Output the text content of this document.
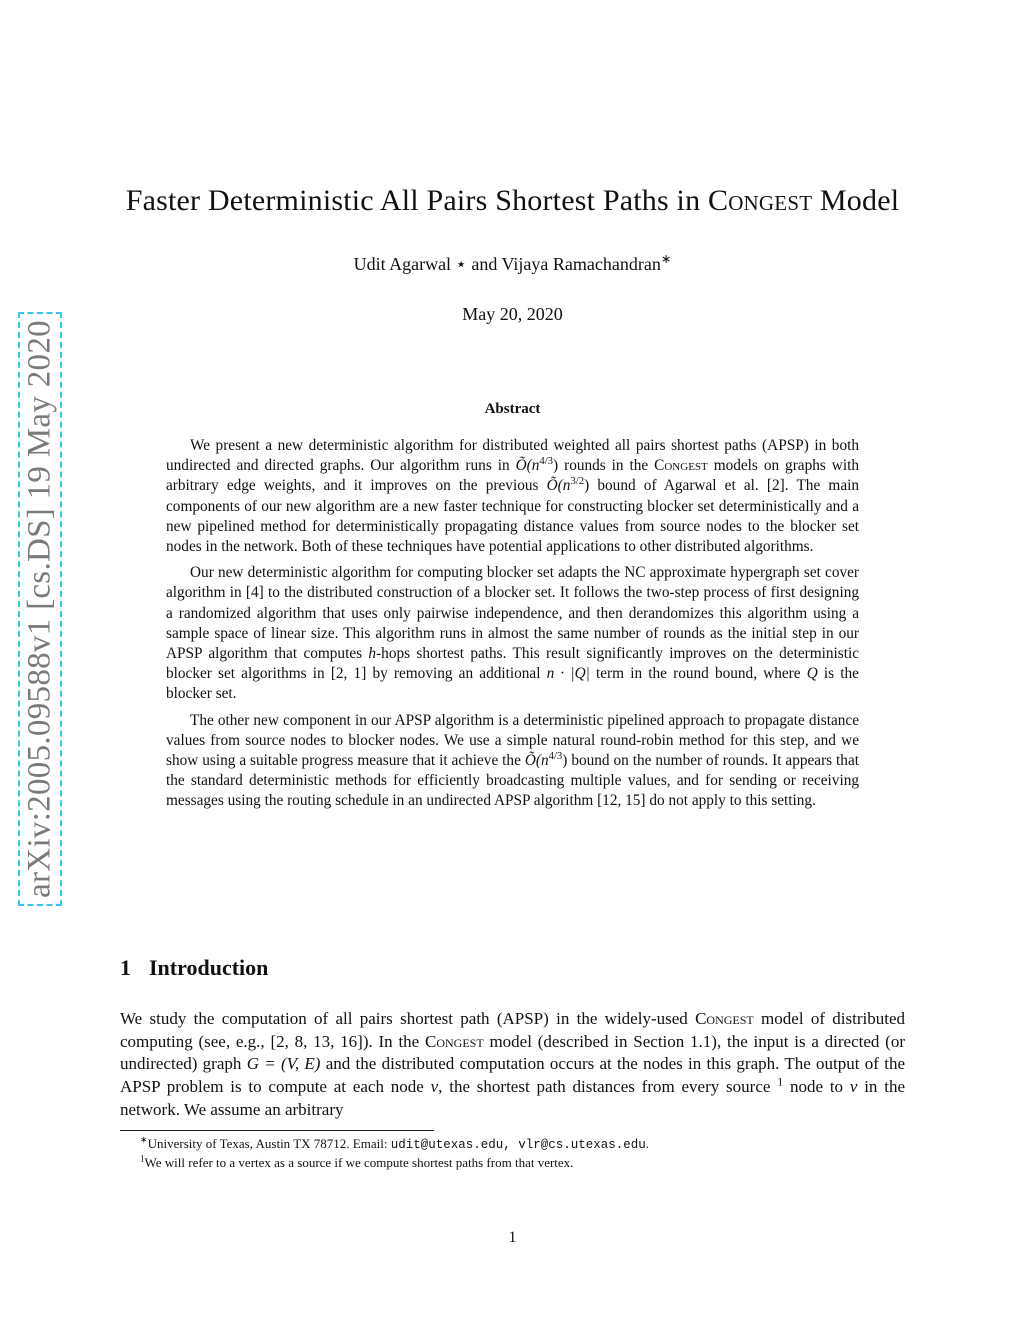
arXiv:2005.09588v1 [cs.DS] 19 May 2020
Faster Deterministic All Pairs Shortest Paths in Congest Model
Udit Agarwal ⋆ and Vijaya Ramachandran∗
May 20, 2020
Abstract

We present a new deterministic algorithm for distributed weighted all pairs shortest paths (APSP) in both undirected and directed graphs. Our algorithm runs in $Õ(n^{4/3})$ rounds in the Congest models on graphs with arbitrary edge weights, and it improves on the previous $Õ(n^{3/2})$ bound of Agarwal et al. [2]. The main components of our new algorithm are a new faster technique for constructing blocker set deterministically and a new pipelined method for deterministically propagating distance values from source nodes to the blocker set nodes in the network. Both of these techniques have potential applications to other distributed algorithms.

Our new deterministic algorithm for computing blocker set adapts the NC approximate hypergraph set cover algorithm in [4] to the distributed construction of a blocker set. It follows the two-step process of first designing a randomized algorithm that uses only pairwise independence, and then derandomizes this algorithm using a sample space of linear size. This algorithm runs in almost the same number of rounds as the initial step in our APSP algorithm that computes h-hops shortest paths. This result significantly improves on the deterministic blocker set algorithms in [2, 1] by removing an additional n · |Q| term in the round bound, where Q is the blocker set.

The other new component in our APSP algorithm is a deterministic pipelined approach to propagate distance values from source nodes to blocker nodes. We use a simple natural round-robin method for this step, and we show using a suitable progress measure that it achieve the $Õ(n^{4/3})$ bound on the number of rounds. It appears that the standard deterministic methods for efficiently broadcasting multiple values, and for sending or receiving messages using the routing schedule in an undirected APSP algorithm [12, 15] do not apply to this setting.

1 Introduction

We study the computation of all pairs shortest path (APSP) in the widely-used Congest model of distributed computing (see, e.g., [2, 8, 13, 16]). In the Congest model (described in Section 1.1), the input is a directed (or undirected) graph G = (V, E) and the distributed computation occurs at the nodes in this graph. The output of the APSP problem is to compute at each node v, the shortest path distances from every source $^1$ node to v in the network. We assume an arbitrary

∗University of Texas, Austin TX 78712. Email: udit@utexas.edu, vlr@cs.utexas.edu.

$^1$We will refer to a vertex as a source if we compute shortest paths from that vertex.

1
